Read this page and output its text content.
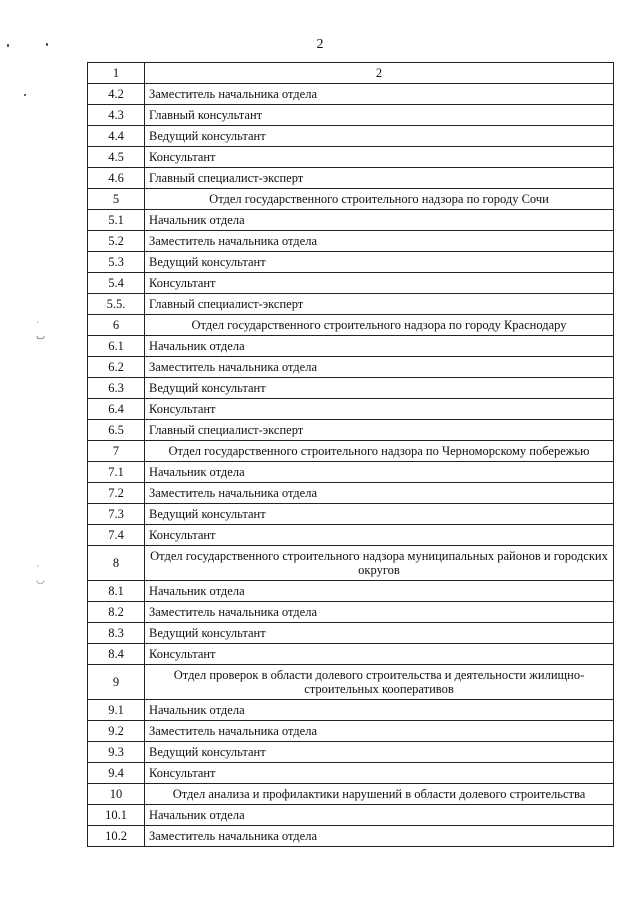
ˊ
ٮ
ˊ
◡
2
1	2
4.2	Заместитель начальника отдела
4.3	Главный консультант
4.4	Ведущий консультант
4.5	Консультант
4.6	Главный специалист-эксперт
5	Отдел государственного строительного надзора по городу Сочи
5.1	Начальник отдела
5.2	Заместитель начальника отдела
5.3	Ведущий консультант
5.4	Консультант
5.5.	Главный специалист-эксперт
6	Отдел государственного строительного надзора по городу Краснодару
6.1	Начальник отдела
6.2	Заместитель начальника отдела
6.3	Ведущий консультант
6.4	Консультант
6.5	Главный специалист-эксперт
7	Отдел государственного строительного надзора по Черноморскому побережью
7.1	Начальник отдела
7.2	Заместитель начальника отдела
7.3	Ведущий консультант
7.4	Консультант
8	Отдел государственного строительного надзора муниципальных районов и городских округов
8.1	Начальник отдела
8.2	Заместитель начальника отдела
8.3	Ведущий консультант
8.4	Консультант
9	Отдел проверок в области долевого строительства и деятельности жилищно-строительных кооперативов
9.1	Начальник отдела
9.2	Заместитель начальника отдела
9.3	Ведущий консультант
9.4	Консультант
10	Отдел анализа и профилактики нарушений в области долевого строительства
10.1	Начальник отдела
10.2	Заместитель начальника отдела
